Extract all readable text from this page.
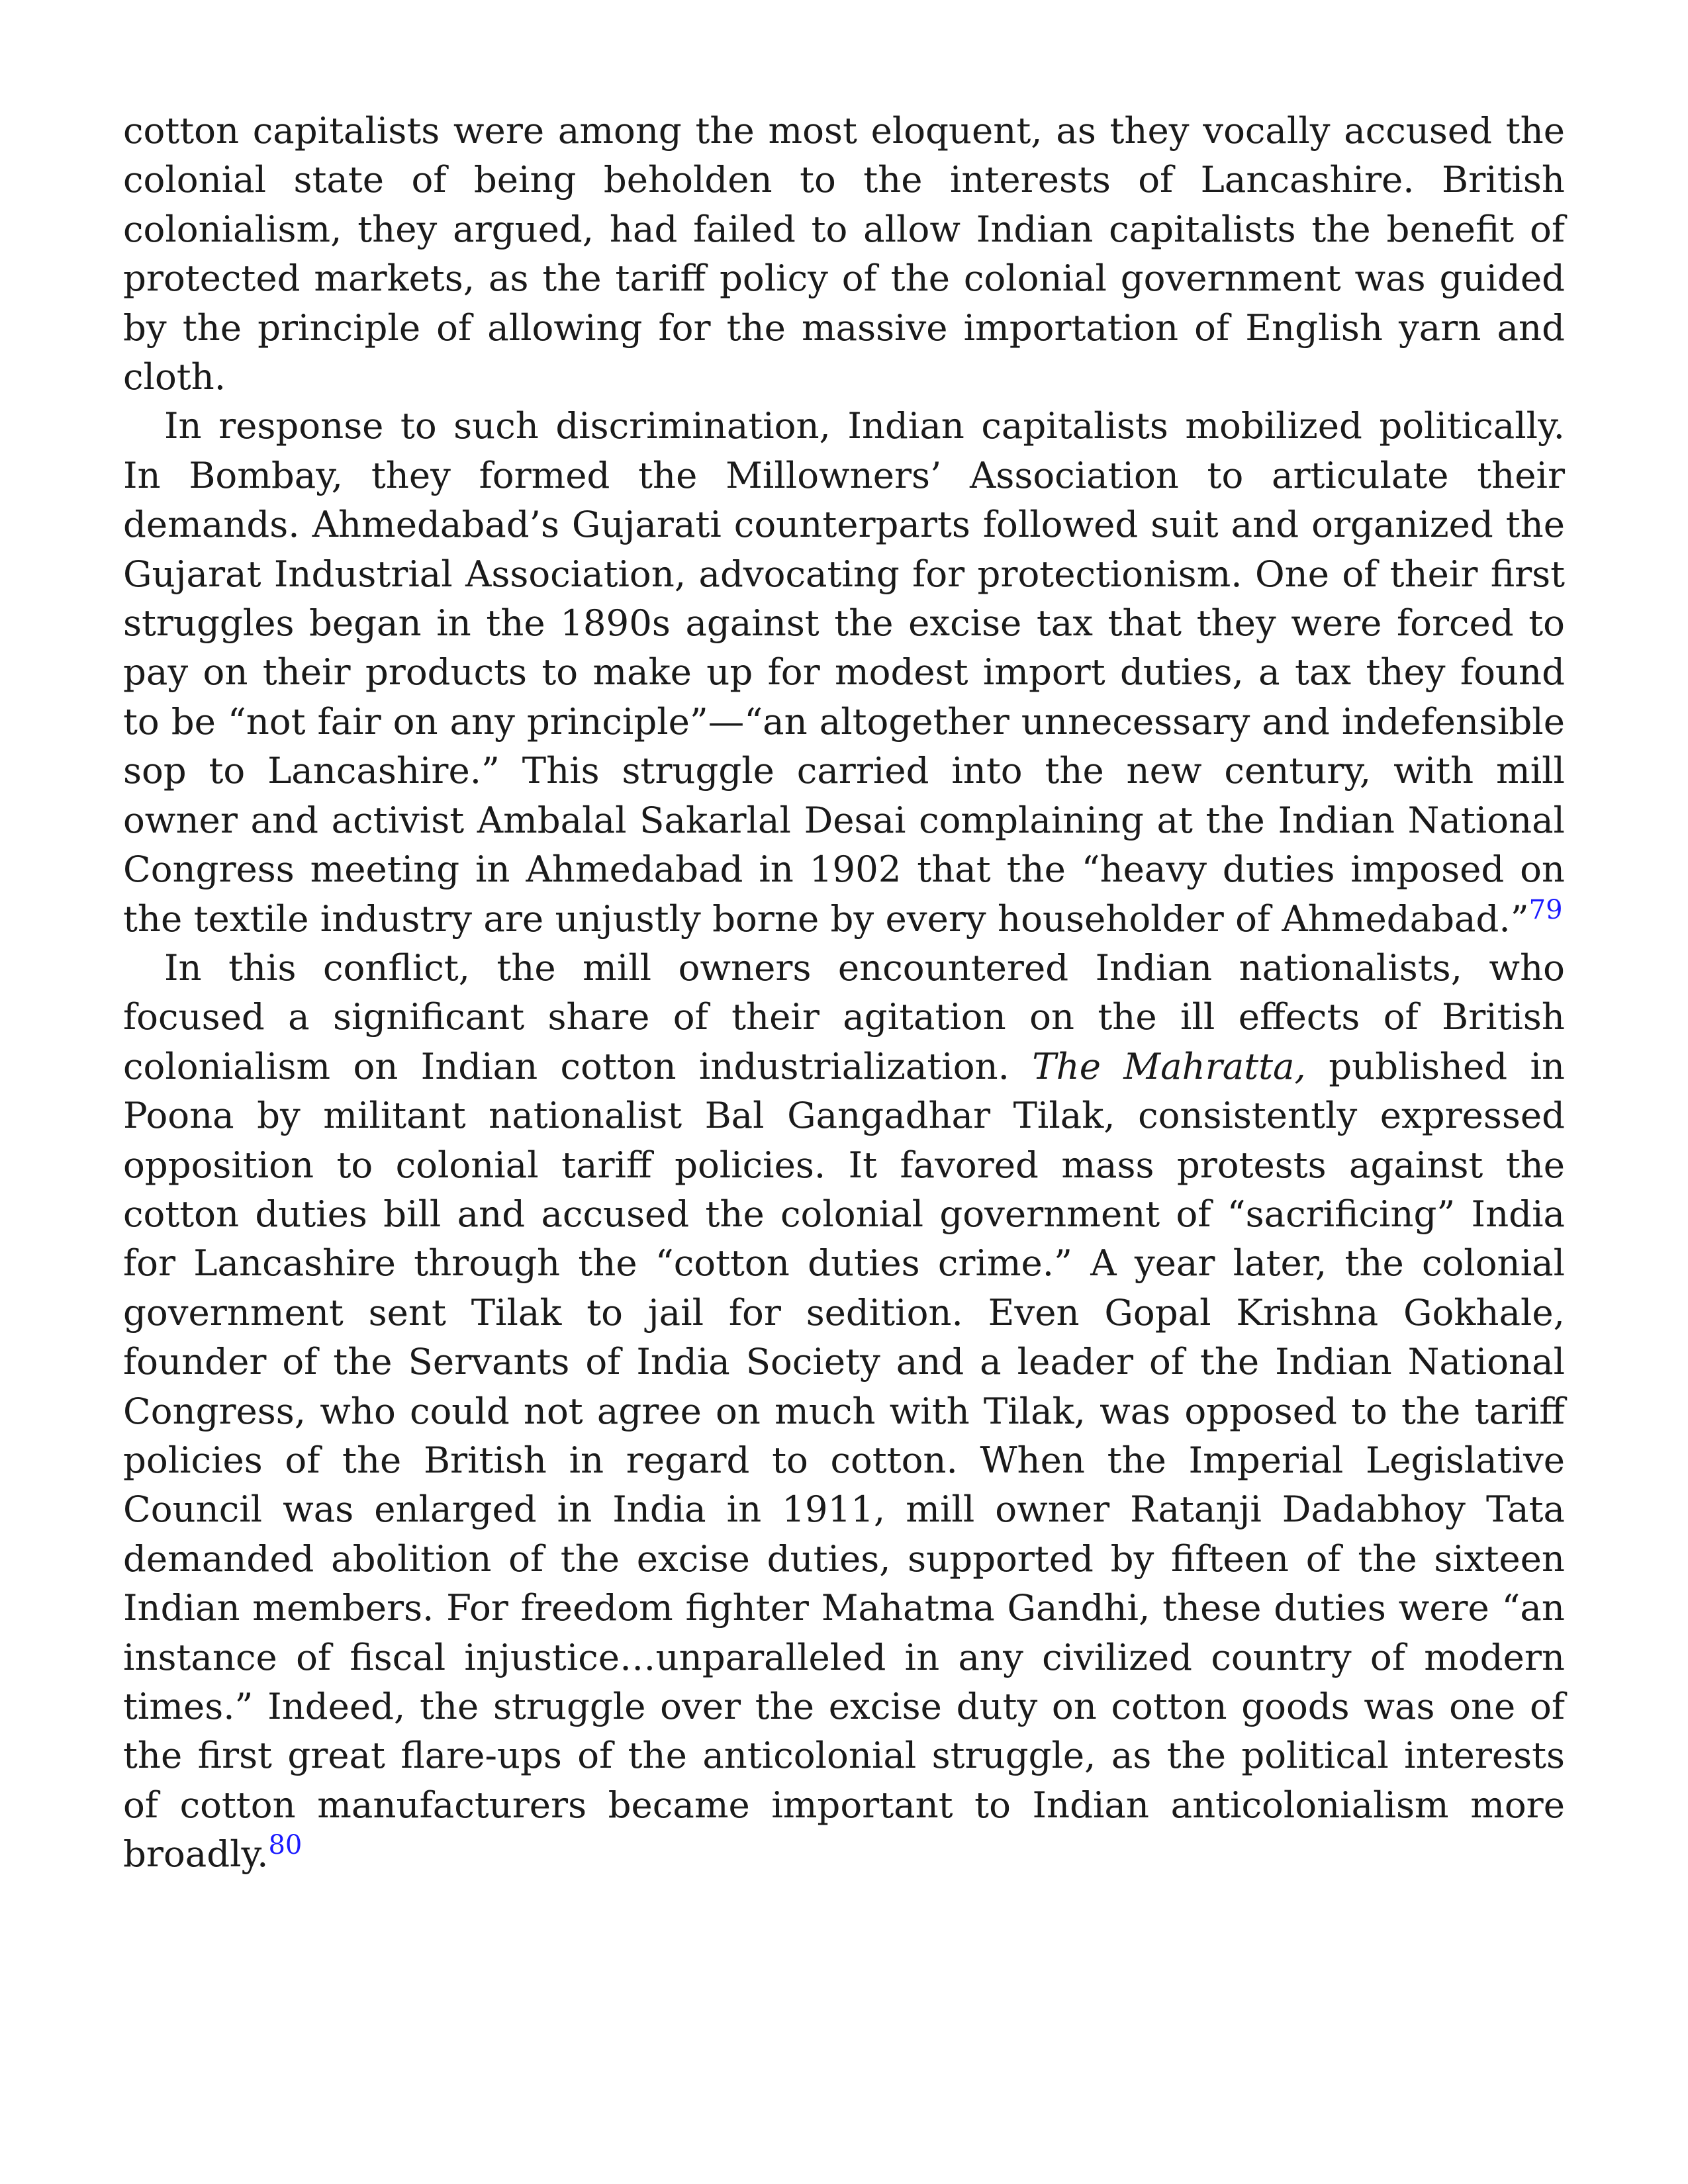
cotton capitalists were among the most eloquent, as they vocally accused the colonial state of being beholden to the interests of Lancashire. British colonialism, they argued, had failed to allow Indian capitalists the benefit of protected markets, as the tariff policy of the colonial government was guided by the principle of allowing for the massive importation of English yarn and cloth.

In response to such discrimination, Indian capitalists mobilized politically. In Bombay, they formed the Millowners’ Association to articulate their demands. Ahmedabad’s Gujarati counterparts followed suit and organized the Gujarat Industrial Association, advocating for protectionism. One of their first struggles began in the 1890s against the excise tax that they were forced to pay on their products to make up for modest import duties, a tax they found to be “not fair on any principle”—“an altogether unnecessary and indefensible sop to Lancashire.” This struggle carried into the new century, with mill owner and activist Ambalal Sakarlal Desai complaining at the Indian National Congress meeting in Ahmedabad in 1902 that the “heavy duties imposed on the textile industry are unjustly borne by every householder of Ahmedabad.”$^{79}$

In this conflict, the mill owners encountered Indian nationalists, who focused a significant share of their agitation on the ill effects of British colonialism on Indian cotton industrialization. The Mahratta, published in Poona by militant nationalist Bal Gangadhar Tilak, consistently expressed opposition to colonial tariff policies. It favored mass protests against the cotton duties bill and accused the colonial government of “sacrificing” India for Lancashire through the “cotton duties crime.” A year later, the colonial government sent Tilak to jail for sedition. Even Gopal Krishna Gokhale, founder of the Servants of India Society and a leader of the Indian National Congress, who could not agree on much with Tilak, was opposed to the tariff policies of the British in regard to cotton. When the Imperial Legislative Council was enlarged in India in 1911, mill owner Ratanji Dadabhoy Tata demanded abolition of the excise duties, supported by fifteen of the sixteen Indian members. For freedom fighter Mahatma Gandhi, these duties were “an instance of fiscal injustice…unparalleled in any civilized country of modern times.” Indeed, the struggle over the excise duty on cotton goods was one of the first great flare-ups of the anticolonial struggle, as the political interests of cotton manufacturers became important to Indian anticolonialism more broadly.$^{80}$
